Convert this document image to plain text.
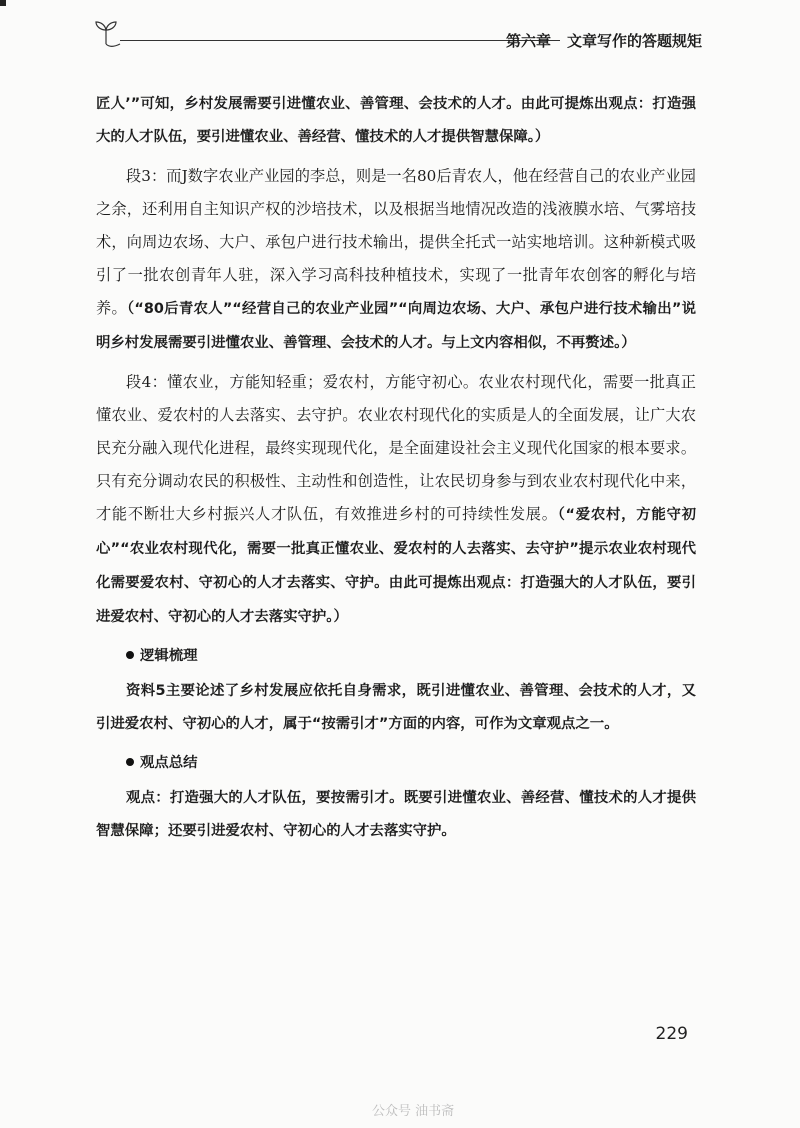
第六章 文章写作的答题规矩

匠人’”可知，乡村发展需要引进懂农业、善管理、会技术的人才。由此可提炼出观点：打造强大的人才队伍，要引进懂农业、善经营、懂技术的人才提供智慧保障。）

段3：而J数字农业产业园的李总，则是一名80后青农人，他在经营自己的农业产业园之余，还利用自主知识产权的沙培技术，以及根据当地情况改造的浅液膜水培、气雾培技术，向周边农场、大户、承包户进行技术输出，提供全托式一站实地培训。这种新模式吸引了一批农创青年人驻，深入学习高科技种植技术，实现了一批青年农创客的孵化与培养。（“80后青农人”“经营自己的农业产业园”“向周边农场、大户、承包户进行技术输出”说明乡村发展需要引进懂农业、善管理、会技术的人才。与上文内容相似，不再赘述。）

段4：懂农业，方能知轻重；爱农村，方能守初心。农业农村现代化，需要一批真正懂农业、爱农村的人去落实、去守护。农业农村现代化的实质是人的全面发展，让广大农民充分融入现代化进程，最终实现现代化，是全面建设社会主义现代化国家的根本要求。只有充分调动农民的积极性、主动性和创造性，让农民切身参与到农业农村现代化中来，才能不断壮大乡村振兴人才队伍，有效推进乡村的可持续性发展。（“爱农村，方能守初心”“农业农村现代化，需要一批真正懂农业、爱农村的人去落实、去守护”提示农业农村现代化需要爱农村、守初心的人才去落实、守护。由此可提炼出观点：打造强大的人才队伍，要引进爱农村、守初心的人才去落实守护。）

逻辑梳理

资料5主要论述了乡村发展应依托自身需求，既引进懂农业、善管理、会技术的人才，又引进爱农村、守初心的人才，属于“按需引才”方面的内容，可作为文章观点之一。

观点总结

观点：打造强大的人才队伍，要按需引才。既要引进懂农业、善经营、懂技术的人才提供智慧保障；还要引进爱农村、守初心的人才去落实守护。

229
公众号 油书斋
